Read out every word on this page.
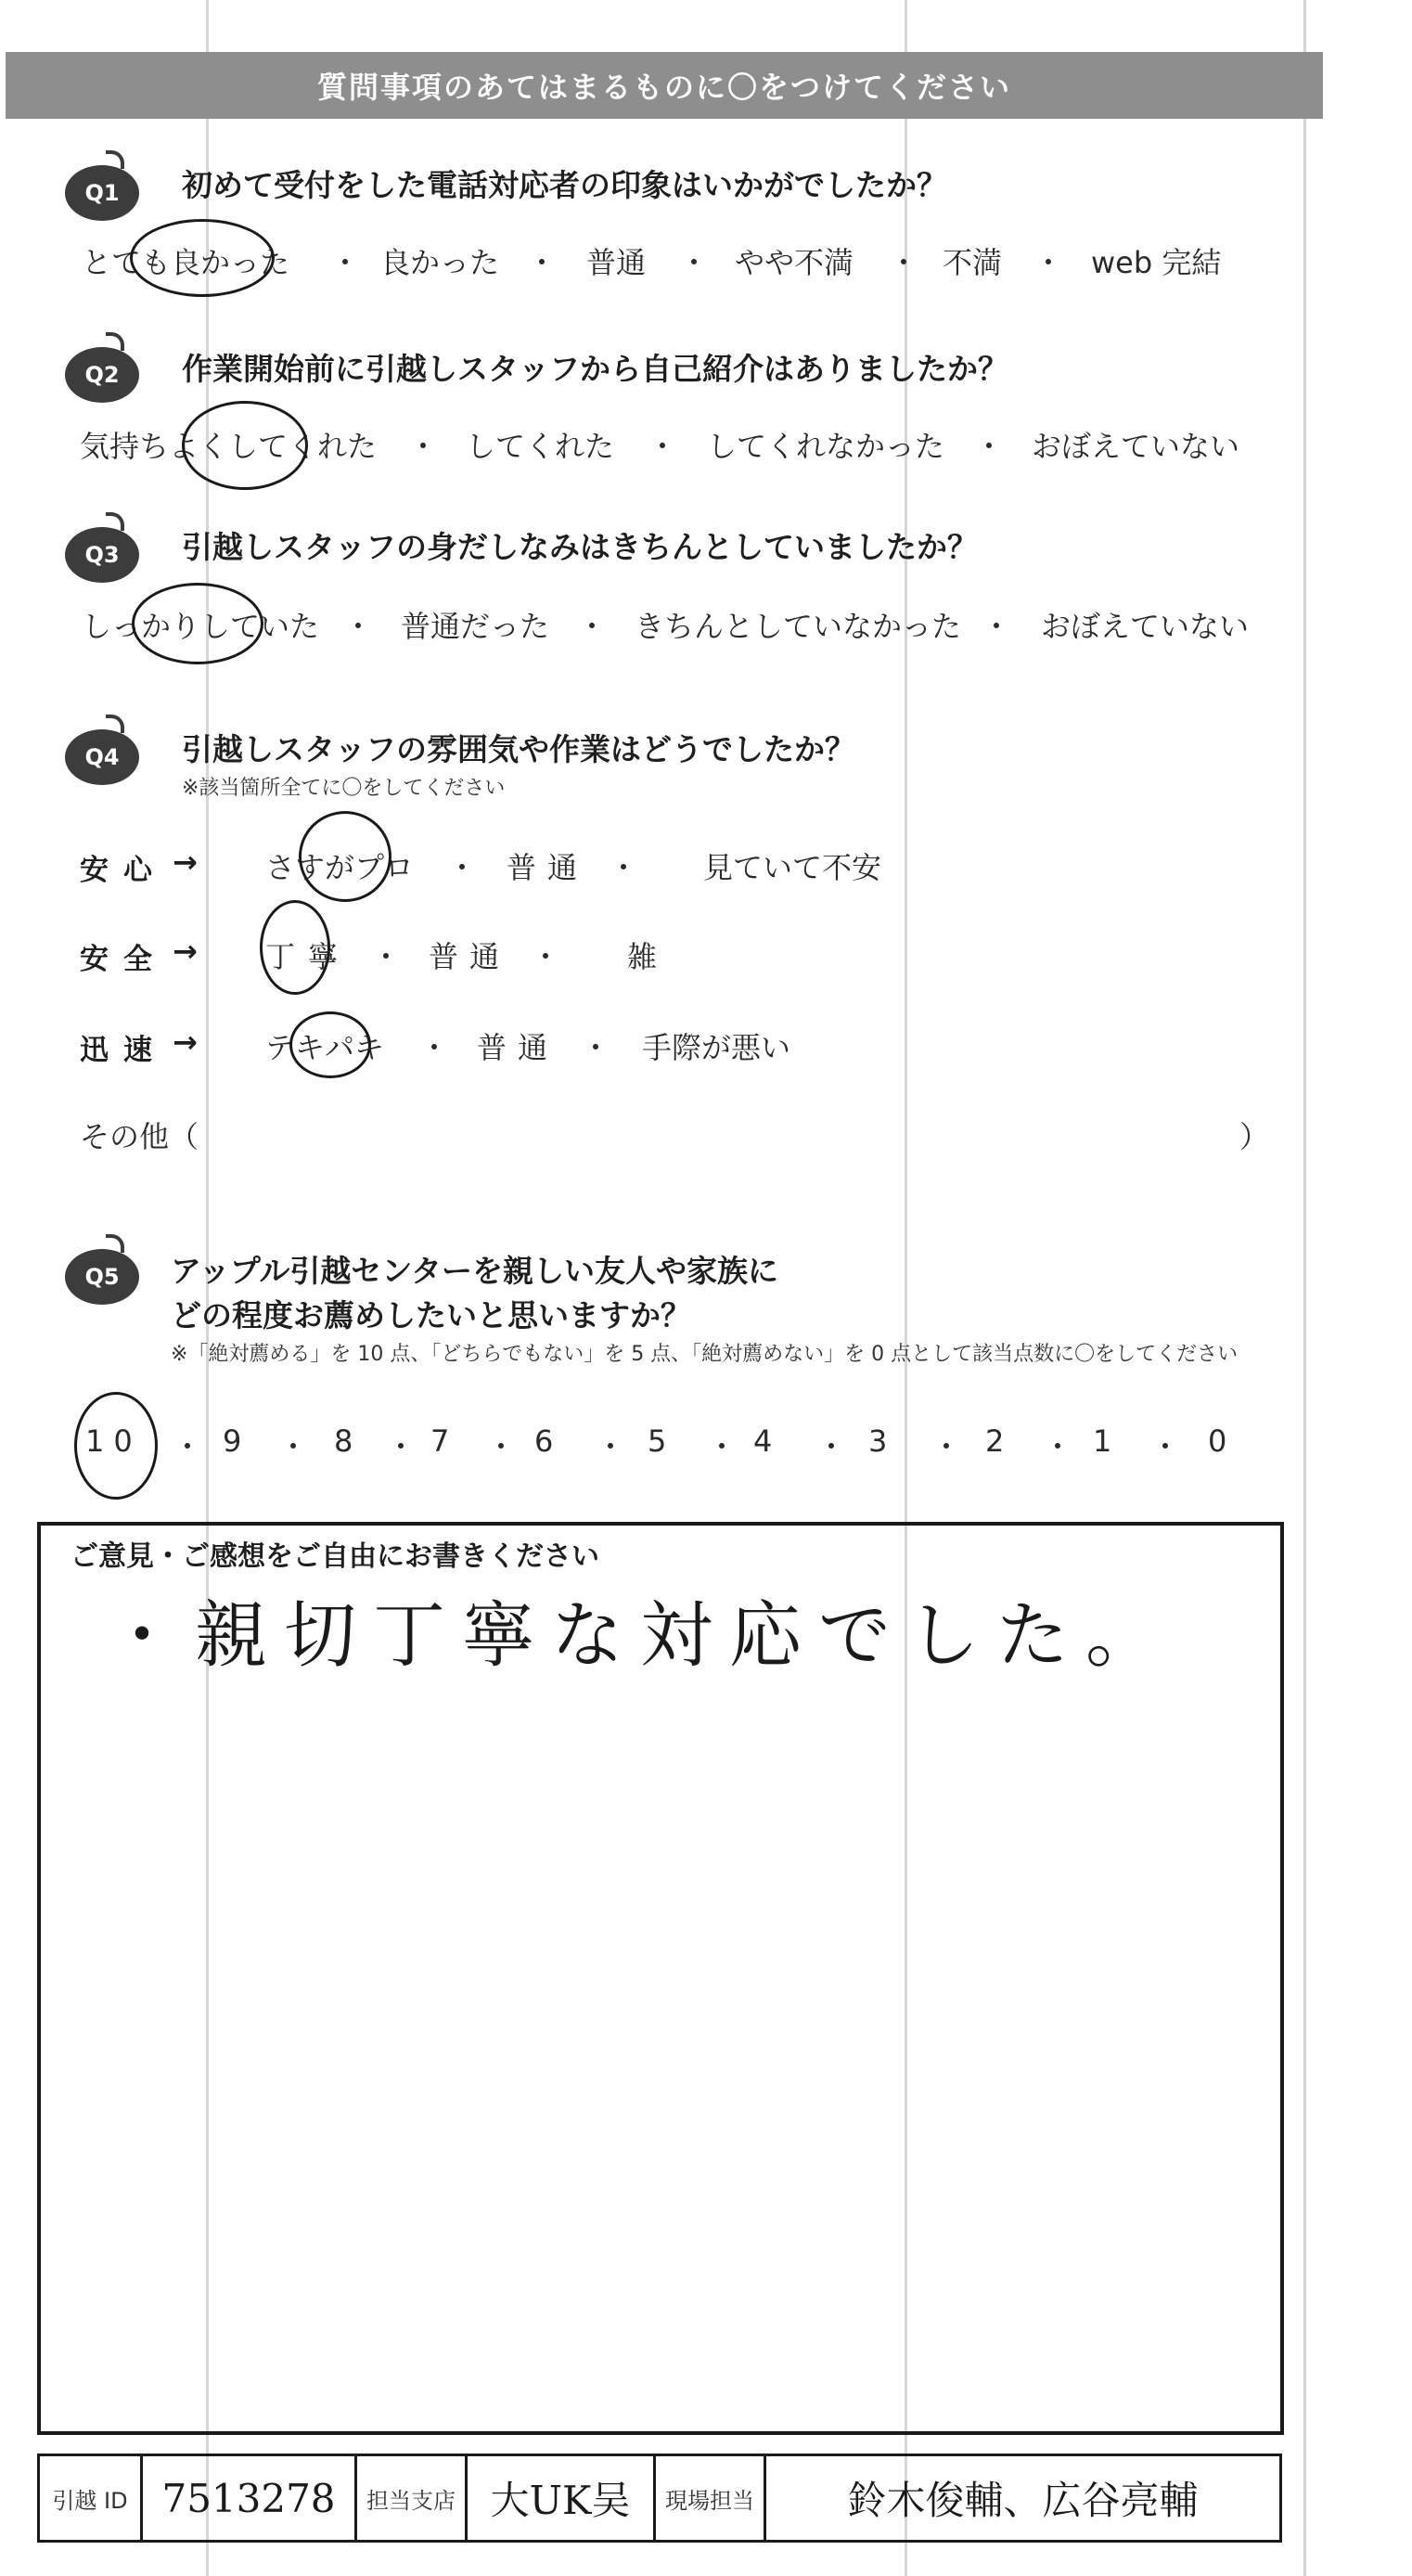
質問事項のあてはまるものに〇をつけてください
Q1 初めて受付をした電話対応者の印象はいかがでしたか？
とても良かった ・ 良かった ・ 普通 ・ やや不満 ・ 不満 ・ web 完結
Q2 作業開始前に引越しスタッフから自己紹介はありましたか？
気持ちよくしてくれた ・ してくれた ・ してくれなかった ・ おぼえていない
Q3 引越しスタッフの身だしなみはきちんとしていましたか？
しっかりしていた ・ 普通だった ・ きちんとしていなかった ・ おぼえていない
Q4 引越しスタッフの雰囲気や作業はどうでしたか？
※該当箇所全てに〇をしてください
安心 → さすがプロ ・ 普通 ・ 見ていて不安
安全 → 丁寧 ・ 普通 ・ 雑
迅速 → テキパキ ・ 普通 ・ 手際が悪い
その他（	）
Q5 アップル引越センターを親しい友人や家族に
どの程度お薦めしたいと思いますか？
※「絶対薦める」を 10 点、「どちらでもない」を 5 点、「絶対薦めない」を 0 点として該当点数に〇をしてください
10 ・ 9 ・ 8 ・ 7 ・ 6 ・ 5 ・ 4 ・ 3 ・ 2 ・ 1 ・ 0
ご意見・ご感想をご自由にお書きください
・親切丁寧な対応でした。
引越 ID 7513278 担当支店 大UK吴 現場担当 鈴木俊輔、広谷亮輔
